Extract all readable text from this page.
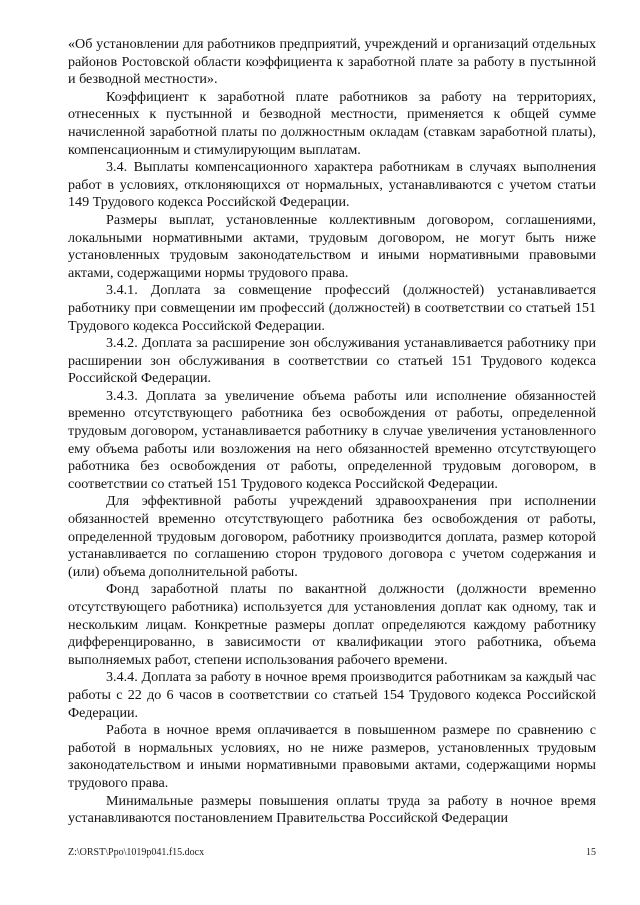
«Об установлении для работников предприятий, учреждений и организаций отдельных районов Ростовской области коэффициента к заработной плате за работу в пустынной и безводной местности».

Коэффициент к заработной плате работников за работу на территориях, отнесенных к пустынной и безводной местности, применяется к общей сумме начисленной заработной платы по должностным окладам (ставкам заработной платы), компенсационным и стимулирующим выплатам.

3.4. Выплаты компенсационного характера работникам в случаях выполнения работ в условиях, отклоняющихся от нормальных, устанавливаются с учетом статьи 149 Трудового кодекса Российской Федерации.

Размеры выплат, установленные коллективным договором, соглашениями, локальными нормативными актами, трудовым договором, не могут быть ниже установленных трудовым законодательством и иными нормативными правовыми актами, содержащими нормы трудового права.

3.4.1. Доплата за совмещение профессий (должностей) устанавливается работнику при совмещении им профессий (должностей) в соответствии со статьей 151 Трудового кодекса Российской Федерации.

3.4.2. Доплата за расширение зон обслуживания устанавливается работнику при расширении зон обслуживания в соответствии со статьей 151 Трудового кодекса Российской Федерации.

3.4.3. Доплата за увеличение объема работы или исполнение обязанностей временно отсутствующего работника без освобождения от работы, определенной трудовым договором, устанавливается работнику в случае увеличения установленного ему объема работы или возложения на него обязанностей временно отсутствующего работника без освобождения от работы, определенной трудовым договором, в соответствии со статьей 151 Трудового кодекса Российской Федерации.

Для эффективной работы учреждений здравоохранения при исполнении обязанностей временно отсутствующего работника без освобождения от работы, определенной трудовым договором, работнику производится доплата, размер которой устанавливается по соглашению сторон трудового договора с учетом содержания и (или) объема дополнительной работы.

Фонд заработной платы по вакантной должности (должности временно отсутствующего работника) используется для установления доплат как одному, так и нескольким лицам. Конкретные размеры доплат определяются каждому работнику дифференцированно, в зависимости от квалификации этого работника, объема выполняемых работ, степени использования рабочего времени.

3.4.4. Доплата за работу в ночное время производится работникам за каждый час работы с 22 до 6 часов в соответствии со статьей 154 Трудового кодекса Российской Федерации.

Работа в ночное время оплачивается в повышенном размере по сравнению с работой в нормальных условиях, но не ниже размеров, установленных трудовым законодательством и иными нормативными правовыми актами, содержащими нормы трудового права.

Минимальные размеры повышения оплаты труда за работу в ночное время устанавливаются постановлением Правительства Российской Федерации

Z:\ORST\Ppo\1019p041.f15.docx	15
